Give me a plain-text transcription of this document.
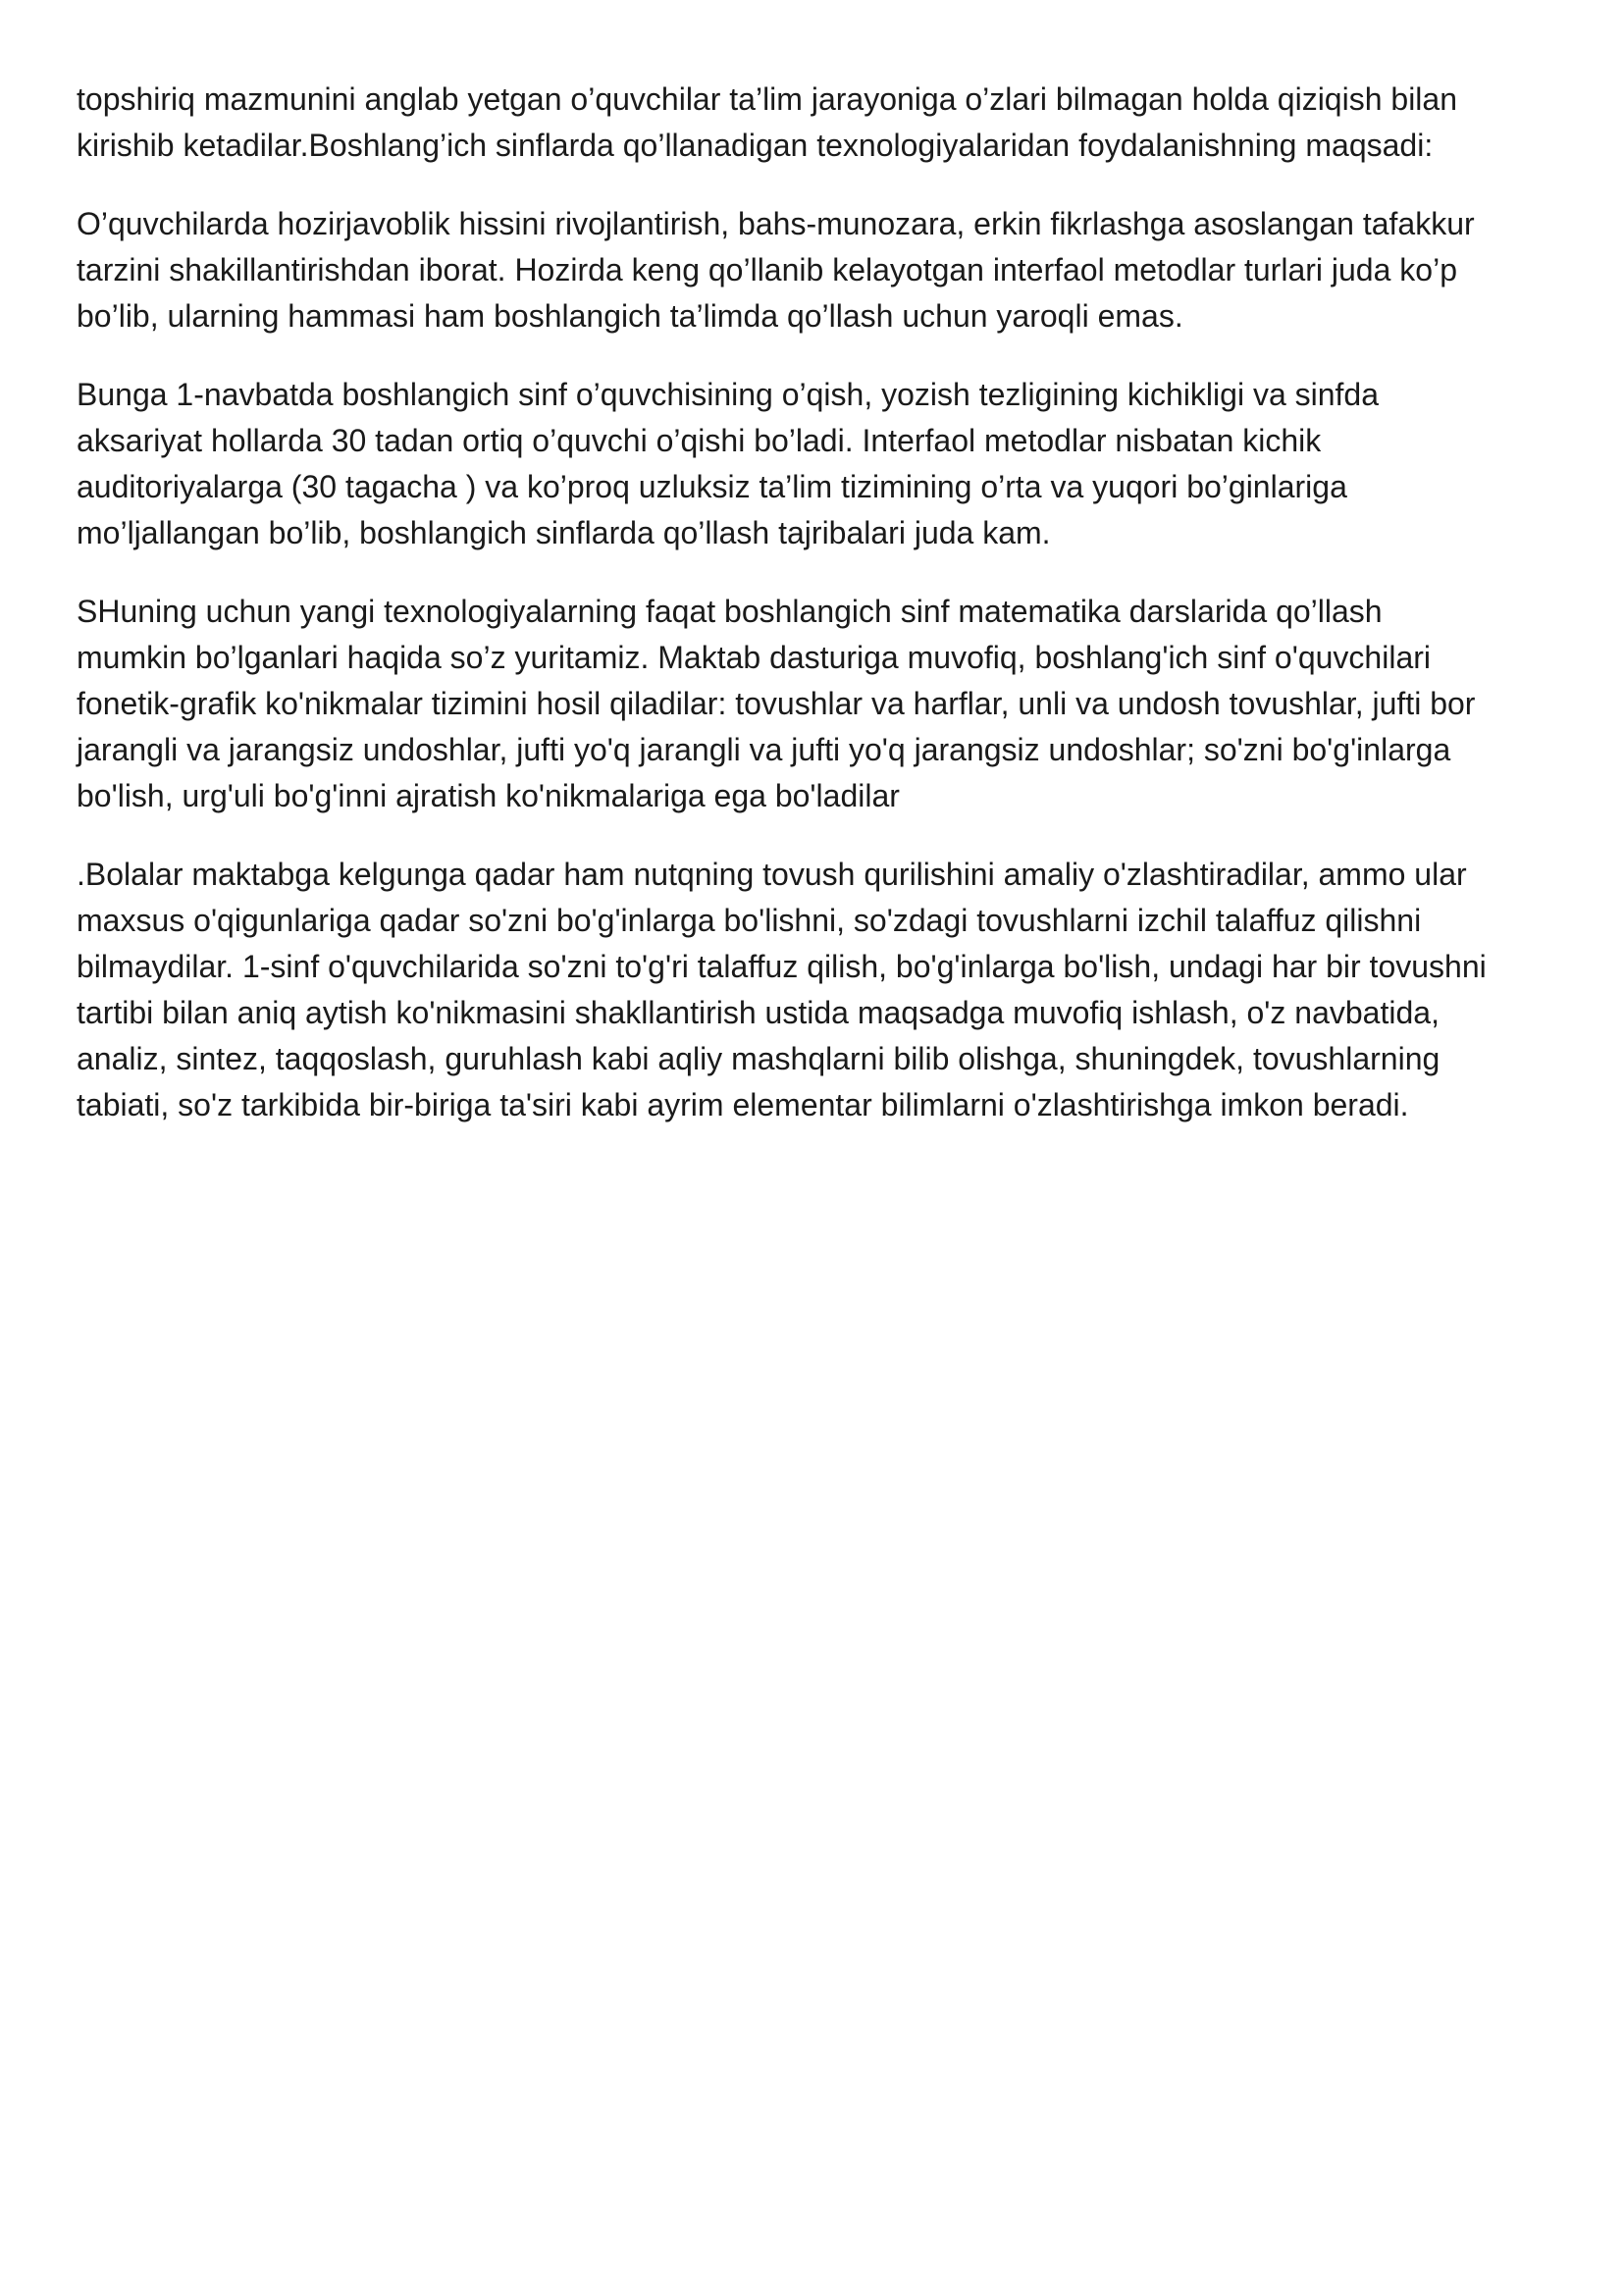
topshiriq mazmunini anglab yetgan o’quvchilar ta’lim jarayoniga o’zlari bilmagan holda qiziqish bilan
kirishib ketadilar.Boshlang’ich sinflarda qo’llanadigan texnologiyalaridan foydalanishning maqsadi:

O’quvchilarda hozirjavoblik hissini rivojlantirish, bahs-munozara, erkin fikrlashga asoslangan tafakkur
tarzini shakillantirishdan iborat. Hozirda keng qo’llanib kelayotgan interfaol metodlar turlari juda ko’p
bo’lib, ularning hammasi ham boshlangich ta’limda qo’llash uchun yaroqli emas.

Bunga 1-navbatda boshlangich sinf o’quvchisining o’qish, yozish tezligining kichikligi va sinfda
aksariyat hollarda 30 tadan ortiq o’quvchi o’qishi bo’ladi. Interfaol metodlar nisbatan kichik
auditoriyalarga (30 tagacha ) va ko’proq uzluksiz ta’lim tizimining o’rta va yuqori bo’ginlariga
mo’ljallangan bo’lib, boshlangich sinflarda qo’llash tajribalari juda kam.

SHuning uchun yangi texnologiyalarning faqat boshlangich sinf matematika darslarida qo’llash
mumkin bo’lganlari haqida so’z yuritamiz. Maktab dasturiga muvofiq, boshlang'ich sinf o'quvchilari
fonetik-grafik ko'nikmalar tizimini hosil qiladilar: tovushlar va harflar, unli va undosh tovushlar, jufti bor
jarangli va jarangsiz undoshlar, jufti yo'q jarangli va jufti yo'q jarangsiz undoshlar; so'zni bo'g'inlarga
bo'lish, urg'uli bo'g'inni ajratish ko'nikmalariga ega bo'ladilar

.Bolalar maktabga kelgunga qadar ham nutqning tovush qurilishini amaliy o'zlashtiradilar, ammo ular
maxsus o'qigunlariga qadar so'zni bo'g'inlarga bo'lishni, so'zdagi tovushlarni izchil talaffuz qilishni
bilmaydilar. 1-sinf o'quvchilarida so'zni to'g'ri talaffuz qilish, bo'g'inlarga bo'lish, undagi har bir tovushni
tartibi bilan aniq aytish ko'nikmasini shakllantirish ustida maqsadga muvofiq ishlash, o'z navbatida,
analiz, sintez, taqqoslash, guruhlash kabi aqliy mashqlarni bilib olishga, shuningdek, tovushlarning
tabiati, so'z tarkibida bir-biriga ta'siri kabi ayrim elementar bilimlarni o'zlashtirishga imkon beradi.
